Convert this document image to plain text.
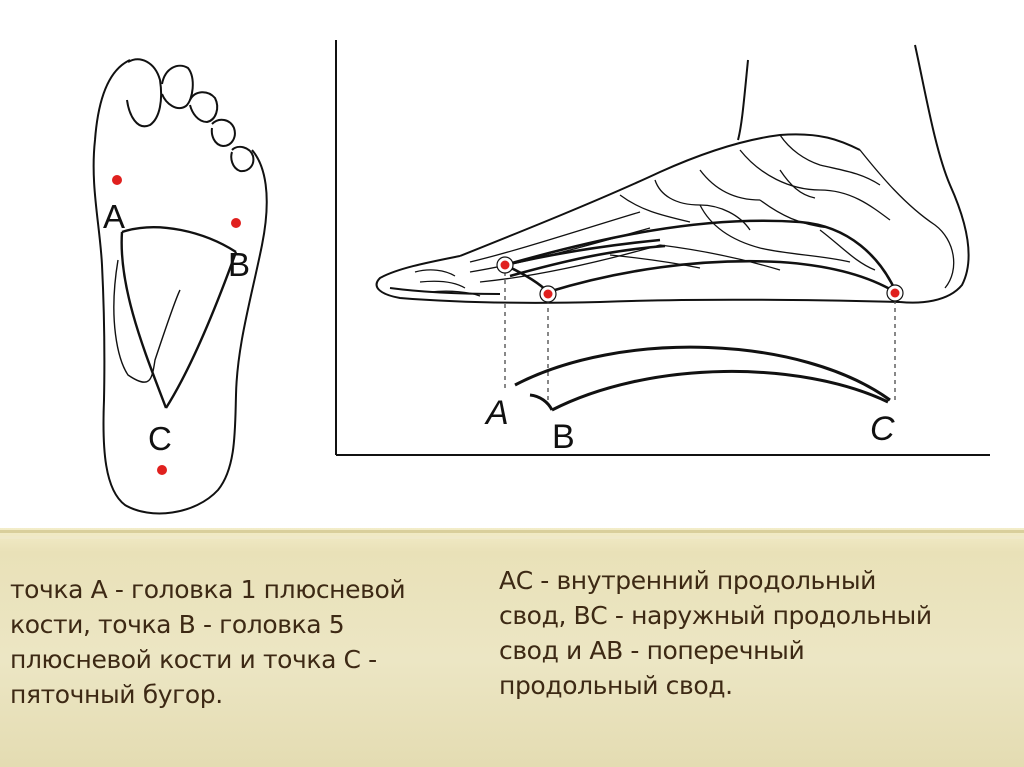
A
B
C
A
B	C
точка А - головка 1 плюсневой
кости, точка В - головка 5
плюсневой кости и точка С -
пяточный бугор.
АС - внутренний продольный
свод, ВС - наружный продольный
свод и АВ - поперечный
продольный свод.
